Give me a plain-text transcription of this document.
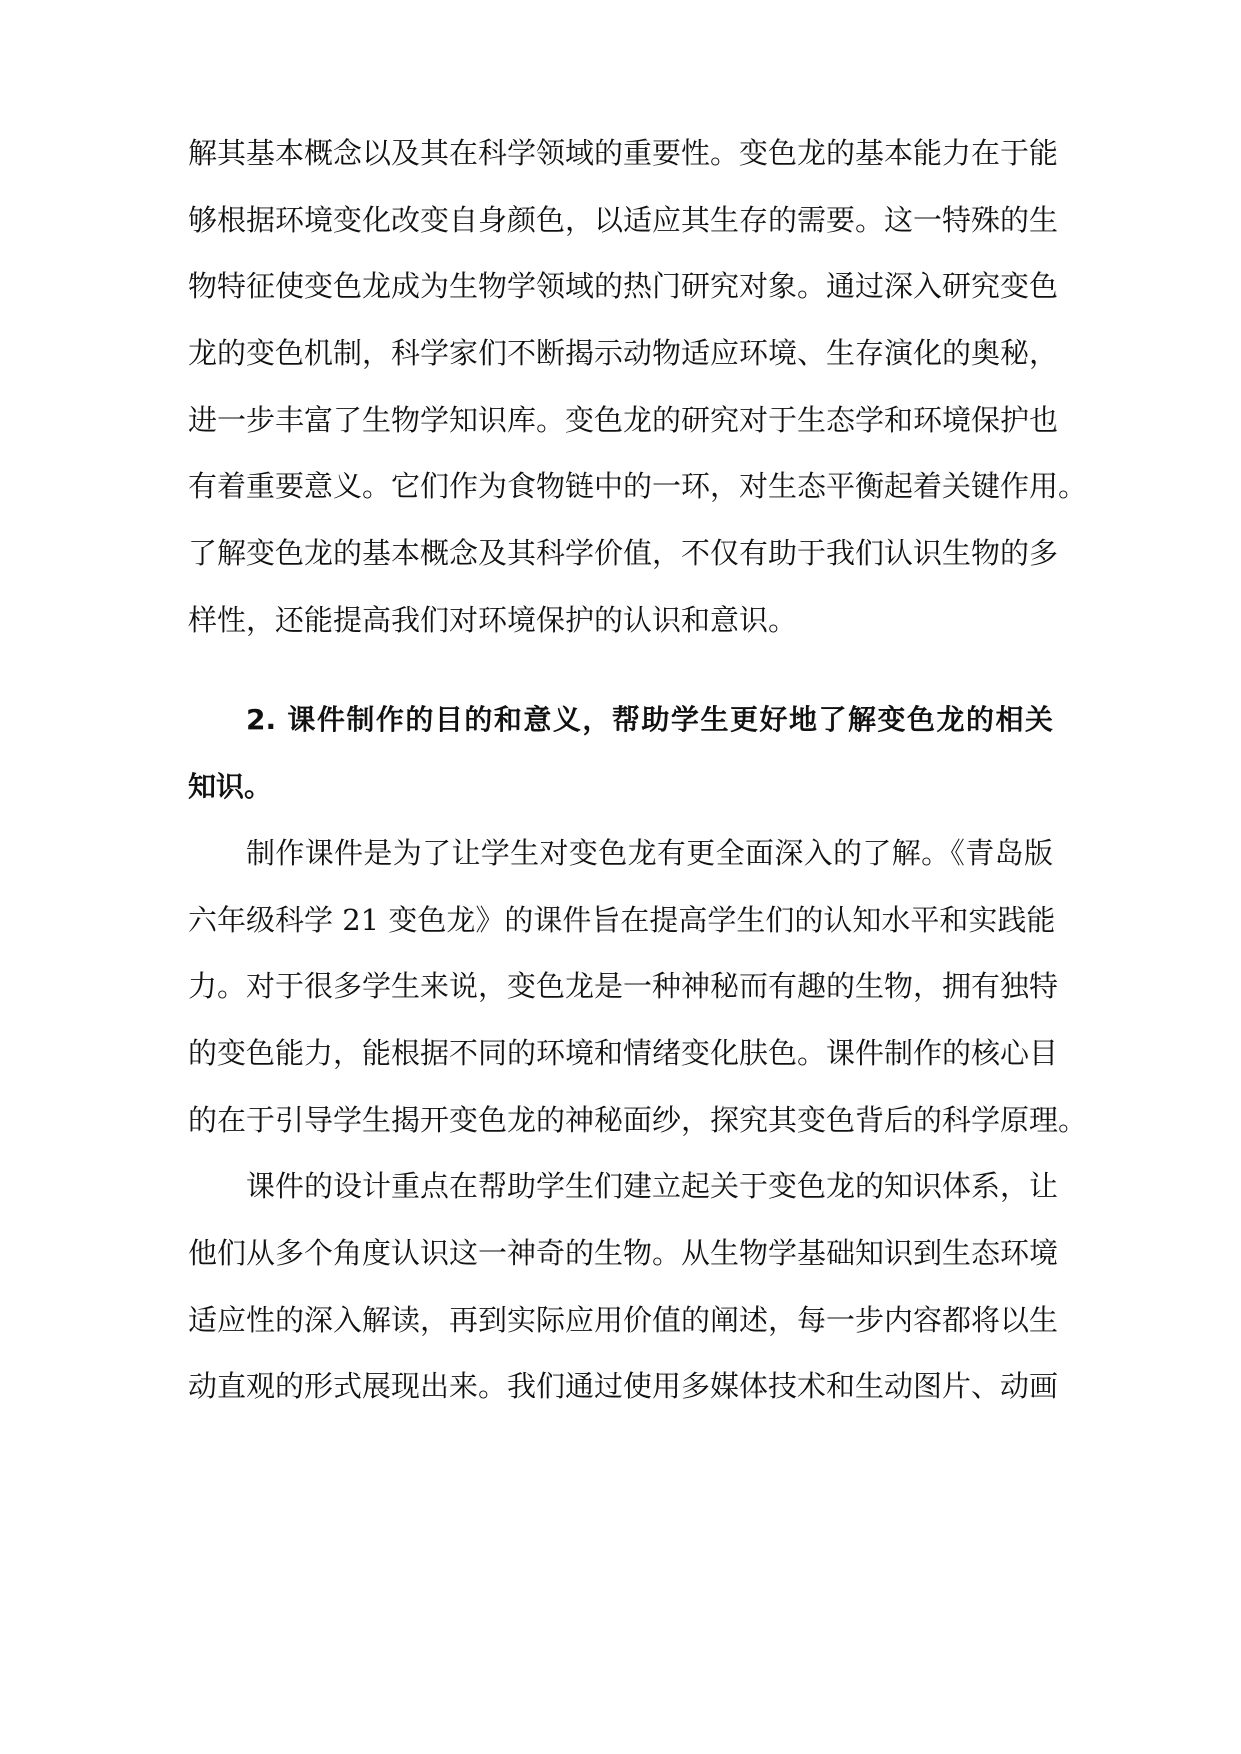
解其基本概念以及其在科学领域的重要性。变色龙的基本能力在于能
够根据环境变化改变自身颜色，以适应其生存的需要。这一特殊的生
物特征使变色龙成为生物学领域的热门研究对象。通过深入研究变色
龙的变色机制，科学家们不断揭示动物适应环境、生存演化的奥秘，
进一步丰富了生物学知识库。变色龙的研究对于生态学和环境保护也
有着重要意义。它们作为食物链中的一环，对生态平衡起着关键作用。
了解变色龙的基本概念及其科学价值，不仅有助于我们认识生物的多
样性，还能提高我们对环境保护的认识和意识。
2. 课件制作的目的和意义，帮助学生更好地了解变色龙的相关
知识。
制作课件是为了让学生对变色龙有更全面深入的了解。《青岛版
六年级科学 21 变色龙》的课件旨在提高学生们的认知水平和实践能
力。对于很多学生来说，变色龙是一种神秘而有趣的生物，拥有独特
的变色能力，能根据不同的环境和情绪变化肤色。课件制作的核心目
的在于引导学生揭开变色龙的神秘面纱，探究其变色背后的科学原理。
课件的设计重点在帮助学生们建立起关于变色龙的知识体系，让
他们从多个角度认识这一神奇的生物。从生物学基础知识到生态环境
适应性的深入解读，再到实际应用价值的阐述，每一步内容都将以生
动直观的形式展现出来。我们通过使用多媒体技术和生动图片、动画
